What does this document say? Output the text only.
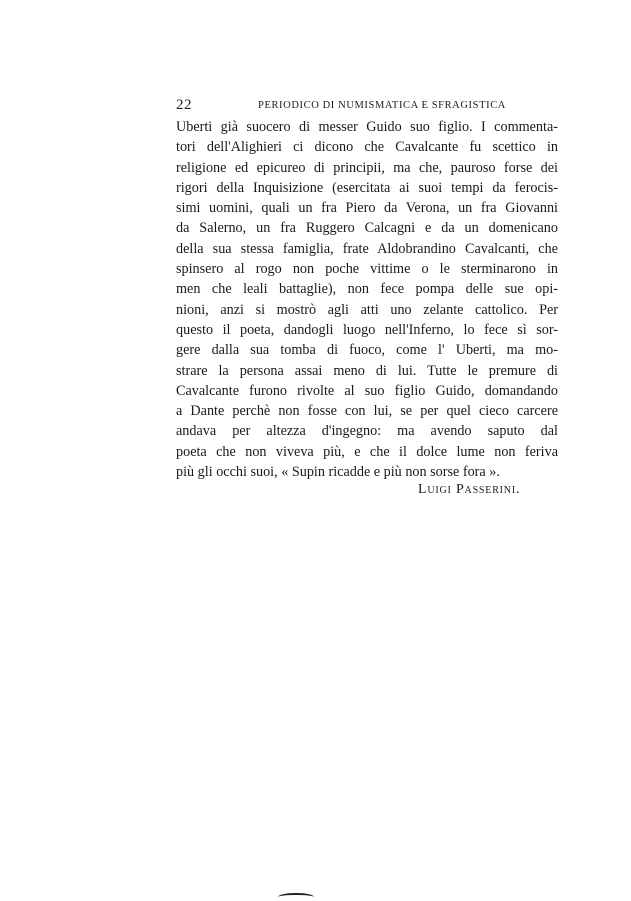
22	PERIODICO DI NUMISMATICA E SFRAGISTICA
Uberti già suocero di messer Guido suo figlio. I commenta-
tori dell'Alighieri ci dicono che Cavalcante fu scettico in
religione ed epicureo di principii, ma che, pauroso forse dei
rigori della Inquisizione (esercitata ai suoi tempi da ferocis-
simi uomini, quali un fra Piero da Verona, un fra Giovanni
da Salerno, un fra Ruggero Calcagni e da un domenicano
della sua stessa famiglia, frate Aldobrandino Cavalcanti, che
spinsero al rogo non poche vittime o le sterminarono in
men che leali battaglie), non fece pompa delle sue opi-
nioni, anzi si mostrò agli atti uno zelante cattolico. Per
questo il poeta, dandogli luogo nell'Inferno, lo fece sì sor-
gere dalla sua tomba di fuoco, come l' Uberti, ma mo-
strare la persona assai meno di lui. Tutte le premure di
Cavalcante furono rivolte al suo figlio Guido, domandando
a Dante perchè non fosse con lui, se per quel cieco carcere
andava per altezza d'ingegno: ma avendo saputo dal
poeta che non viveva più, e che il dolce lume non feriva
più gli occhi suoi, « Supin ricadde e più non sorse fora ».
Luigi Passerini.
